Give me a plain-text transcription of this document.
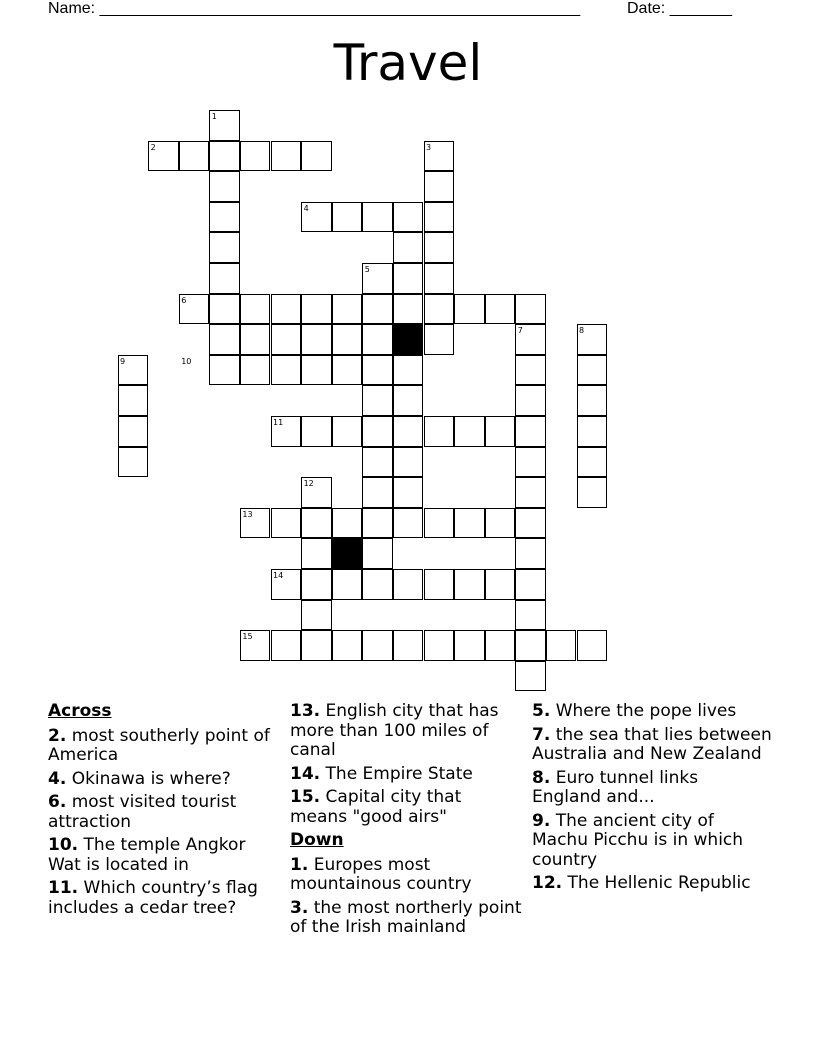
Name: ______________________________________________________	Date: _______
Travel
1
2	3
4
5
6
7	8
9	10
11
12
13
14
15
Across
2. most southerly point of America
4. Okinawa is where?
6. most visited tourist attraction
10. The temple Angkor Wat is located in
11. Which country’s flag includes a cedar tree?
13. English city that has more than 100 miles of canal
14. The Empire State
15. Capital city that means "good airs"
Down
1. Europes most mountainous country
3. the most northerly point of the Irish mainland
5. Where the pope lives
7. the sea that lies between Australia and New Zealand
8. Euro tunnel links England and...
9. The ancient city of Machu Picchu is in which country
12. The Hellenic Republic
